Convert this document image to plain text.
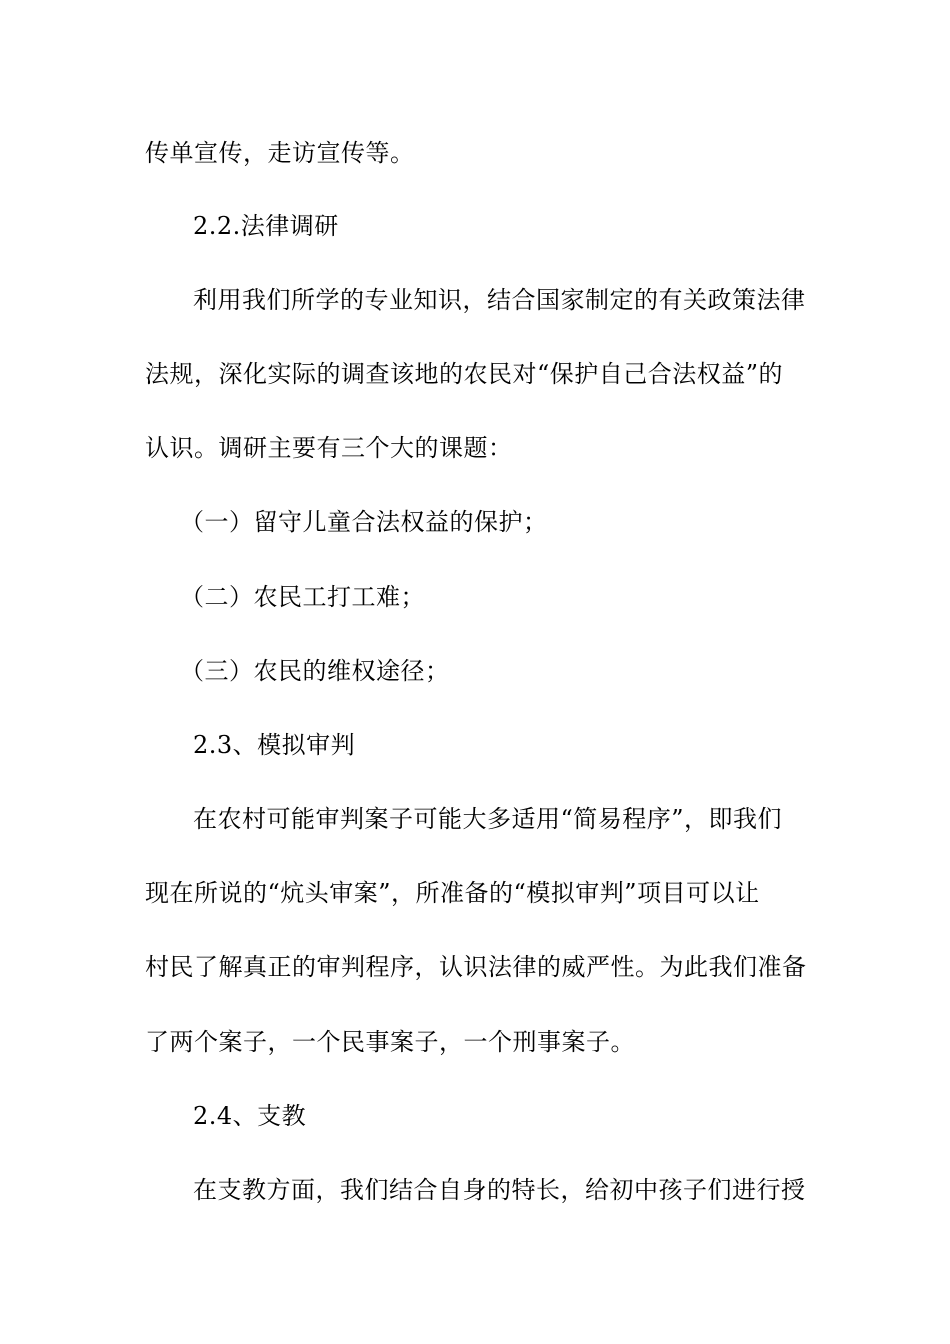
传单宣传，走访宣传等。
2.2.法律调研
利用我们所学的专业知识，结合国家制定的有关政策法律
法规，深化实际的调查该地的农民对“保护自己合法权益”的
认识。调研主要有三个大的课题：
（一）留守儿童合法权益的保护；
（二）农民工打工难；
（三）农民的维权途径；
2.3、模拟审判
在农村可能审判案子可能大多适用“简易程序”，即我们
现在所说的“炕头审案”，所准备的“模拟审判”项目可以让
村民了解真正的审判程序，认识法律的威严性。为此我们准备
了两个案子，一个民事案子，一个刑事案子。
2.4、支教
在支教方面，我们结合自身的特长，给初中孩子们进行授
